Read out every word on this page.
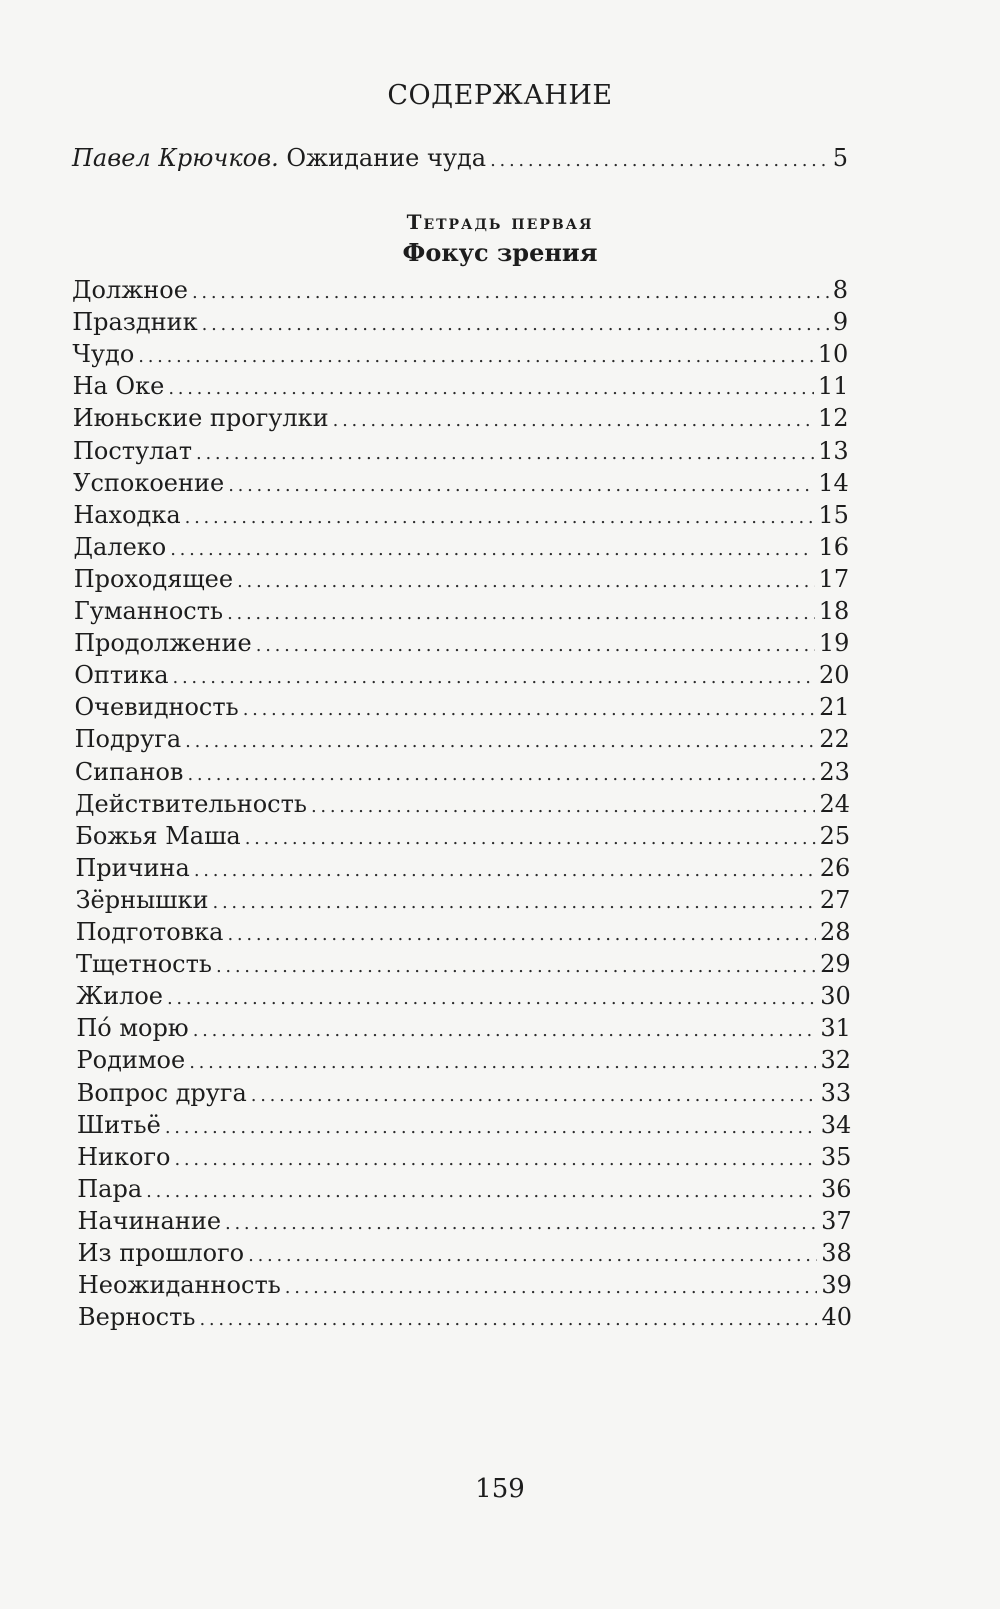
СОДЕРЖАНИЕ
Павел Крючков. Ожидание чуда . . .	5
Тетрадь первая
Фокус зрения
Должное . . .	8
Праздник . . .	9
Чудо . . .	10
На Оке . . .	11
Июньские прогулки . . .	12
Постулат . . .	13
Успокоение . . .	14
Находка . . .	15
Далеко . . .	16
Проходящее . . .	17
Гуманность . . .	18
Продолжение . . .	19
Оптика . . .	20
Очевидность . . .	21
Подруга . . .	22
Сипанов . . .	23
Действительность . . .	24
Божья Маша . . .	25
Причина . . .	26
Зёрнышки . . .	27
Подготовка . . .	28
Тщетность . . .	29
Жилое . . .	30
Пó морю . . .	31
Родимое . . .	32
Вопрос друга . . .	33
Шитьё . . .	34
Никого . . .	35
Пара . . .	36
Начинание . . .	37
Из прошлого . . .	38
Неожиданность . . .	39
Верность . . .	40
159
